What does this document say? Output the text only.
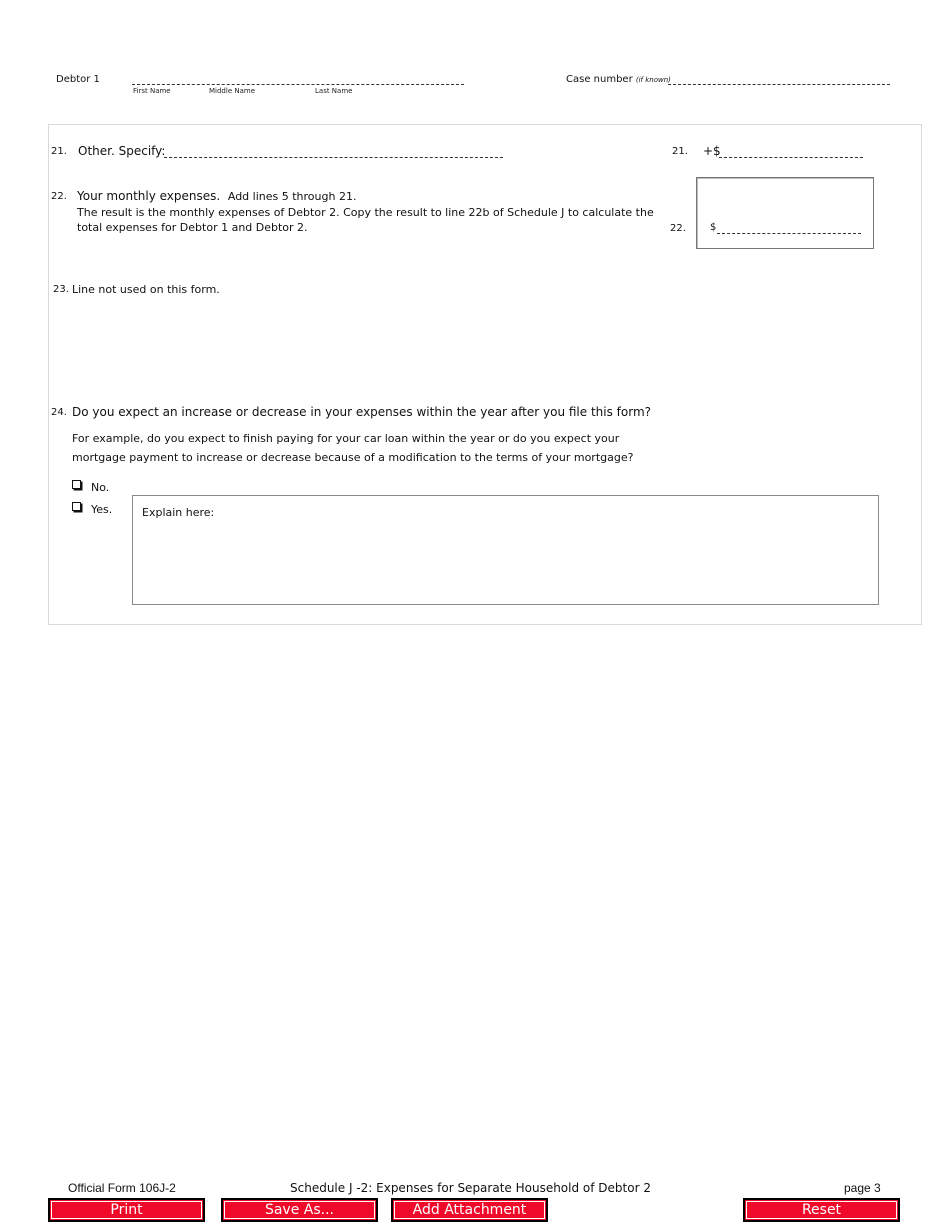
Debtor 1
First Name	Middle Name	Last Name
Case number (if known)
21. Other. Specify:	21. +$
22. Your monthly expenses. Add lines 5 through 21.
The result is the monthly expenses of Debtor 2. Copy the result to line 22b of Schedule J to calculate the
total expenses for Debtor 1 and Debtor 2.	22. $
23. Line not used on this form.
24. Do you expect an increase or decrease in your expenses within the year after you file this form?
For example, do you expect to finish paying for your car loan within the year or do you expect your
mortgage payment to increase or decrease because of a modification to the terms of your mortgage?
No.
Yes.	Explain here:
Official Form 106J-2	Schedule J -2: Expenses for Separate Household of Debtor 2	page 3
Print	Save As...	Add Attachment	Reset
